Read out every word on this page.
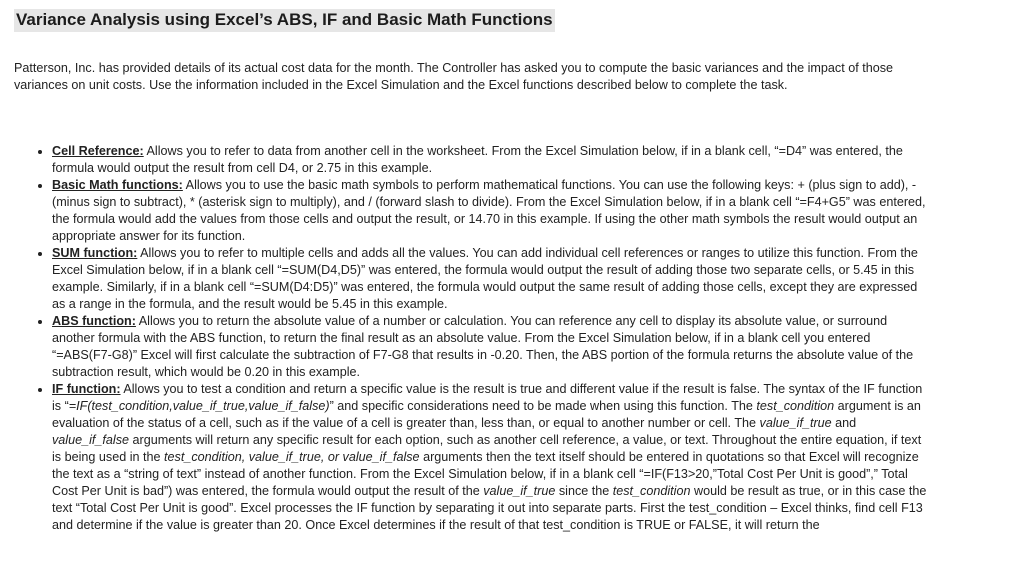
Variance Analysis using Excel’s ABS, IF and Basic Math Functions

Patterson, Inc. has provided details of its actual cost data for the month. The Controller has asked you to compute the basic variances and the impact of those variances on unit costs. Use the information included in the Excel Simulation and the Excel functions described below to complete the task.

• Cell Reference: Allows you to refer to data from another cell in the worksheet. From the Excel Simulation below, if in a blank cell, “=D4” was entered, the formula would output the result from cell D4, or 2.75 in this example.
• Basic Math functions: Allows you to use the basic math symbols to perform mathematical functions. You can use the following keys: + (plus sign to add), - (minus sign to subtract), * (asterisk sign to multiply), and / (forward slash to divide). From the Excel Simulation below, if in a blank cell “=F4+G5” was entered, the formula would add the values from those cells and output the result, or 14.70 in this example. If using the other math symbols the result would output an appropriate answer for its function.
• SUM function: Allows you to refer to multiple cells and adds all the values. You can add individual cell references or ranges to utilize this function. From the Excel Simulation below, if in a blank cell “=SUM(D4,D5)” was entered, the formula would output the result of adding those two separate cells, or 5.45 in this example. Similarly, if in a blank cell “=SUM(D4:D5)” was entered, the formula would output the same result of adding those cells, except they are expressed as a range in the formula, and the result would be 5.45 in this example.
• ABS function: Allows you to return the absolute value of a number or calculation. You can reference any cell to display its absolute value, or surround another formula with the ABS function, to return the final result as an absolute value. From the Excel Simulation below, if in a blank cell you entered “=ABS(F7-G8)” Excel will first calculate the subtraction of F7-G8 that results in -0.20. Then, the ABS portion of the formula returns the absolute value of the subtraction result, which would be 0.20 in this example.
• IF function: Allows you to test a condition and return a specific value is the result is true and different value if the result is false. The syntax of the IF function is “=IF(test_condition,value_if_true,value_if_false)” and specific considerations need to be made when using this function. The test_condition argument is an evaluation of the status of a cell, such as if the value of a cell is greater than, less than, or equal to another number or cell. The value_if_true and value_if_false arguments will return any specific result for each option, such as another cell reference, a value, or text. Throughout the entire equation, if text is being used in the test_condition, value_if_true, or value_if_false arguments then the text itself should be entered in quotations so that Excel will recognize the text as a “string of text” instead of another function. From the Excel Simulation below, if in a blank cell “=IF(F13>20,”Total Cost Per Unit is good”,” Total Cost Per Unit is bad”) was entered, the formula would output the result of the value_if_true since the test_condition would be result as true, or in this case the text “Total Cost Per Unit is good”. Excel processes the IF function by separating it out into separate parts. First the test_condition – Excel thinks, find cell F13 and determine if the value is greater than 20. Once Excel determines if the result of that test_condition is TRUE or FALSE, it will return the
